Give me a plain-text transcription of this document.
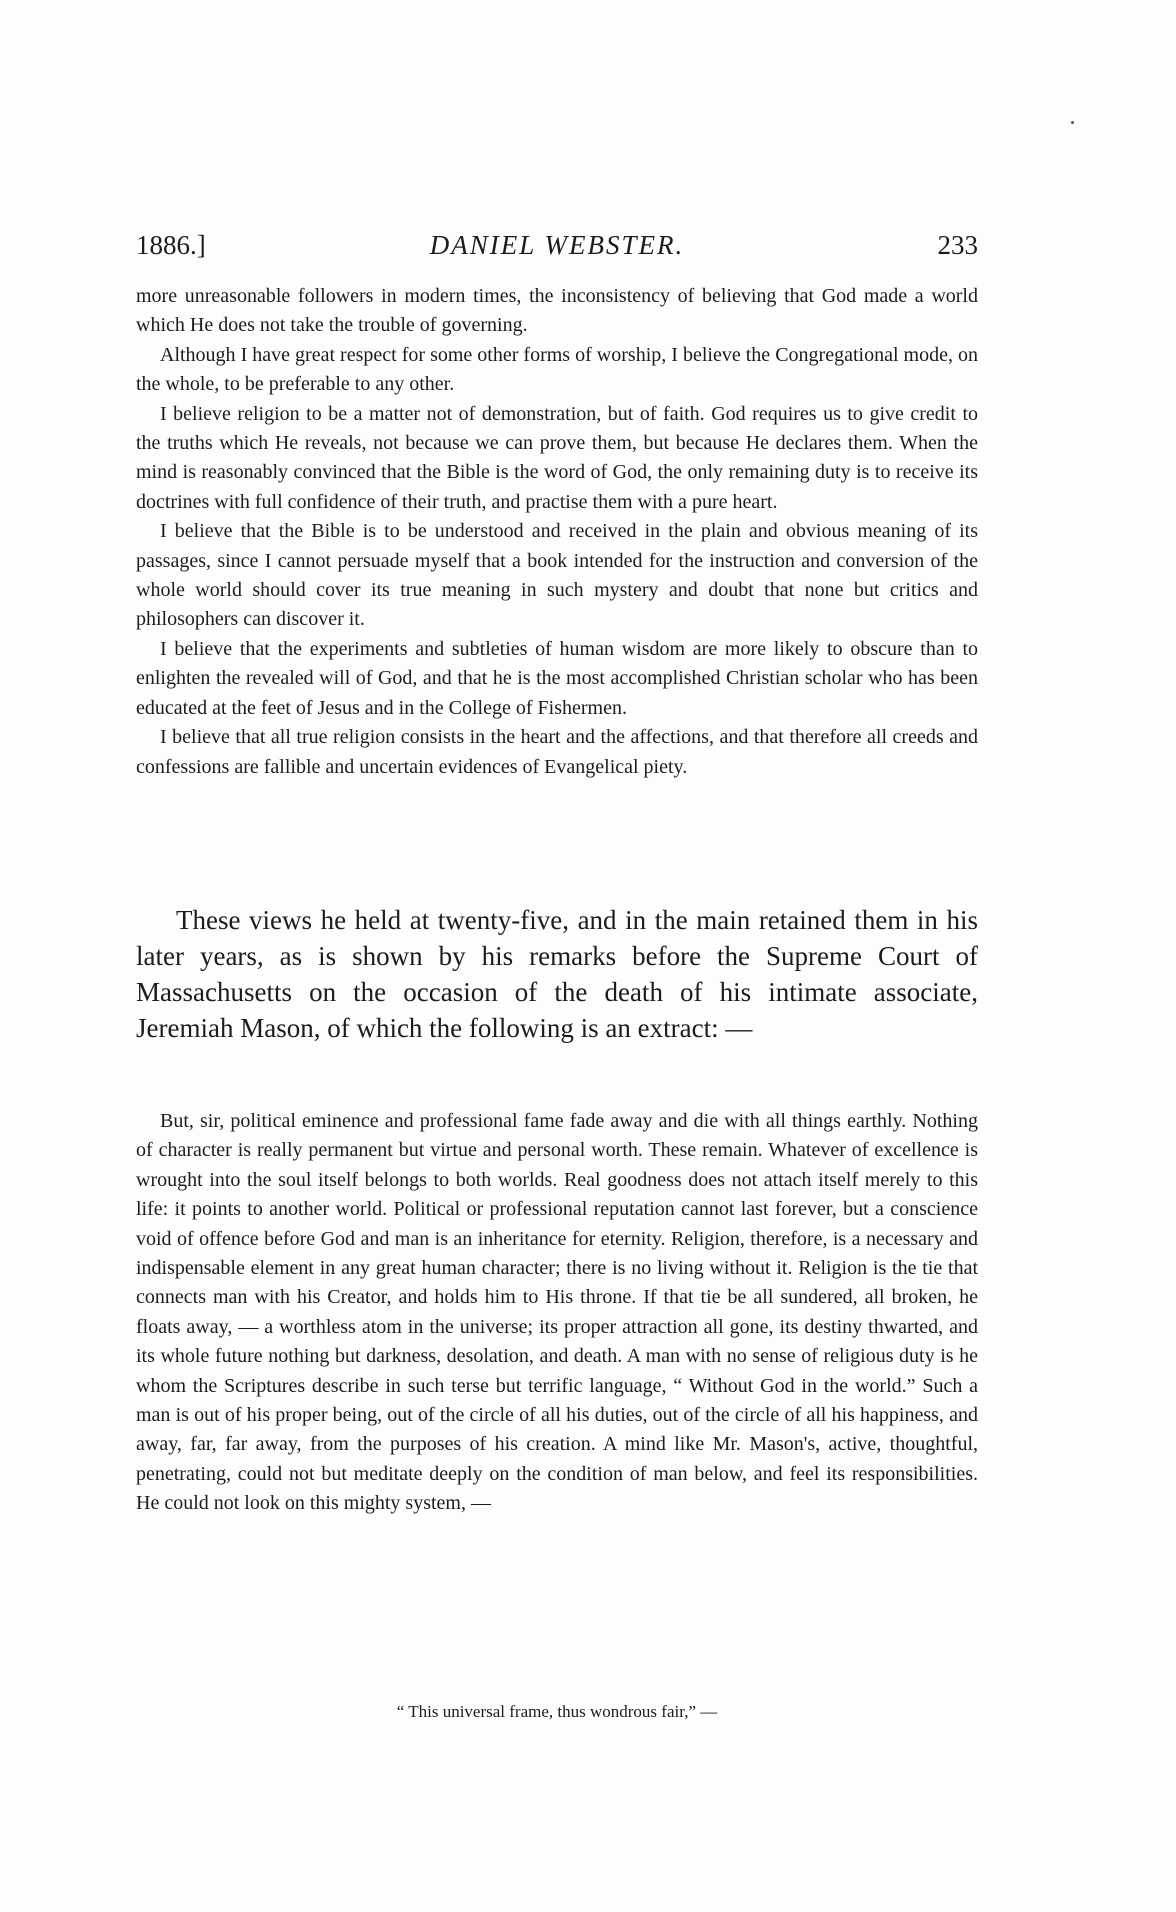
1886.]	DANIEL WEBSTER.	233

more unreasonable followers in modern times, the inconsistency of believing that God made a world which He does not take the trouble of governing.

Although I have great respect for some other forms of worship, I believe the Congregational mode, on the whole, to be preferable to any other.

I believe religion to be a matter not of demonstration, but of faith. God requires us to give credit to the truths which He reveals, not because we can prove them, but because He declares them. When the mind is reasonably convinced that the Bible is the word of God, the only remaining duty is to receive its doctrines with full confidence of their truth, and practise them with a pure heart.

I believe that the Bible is to be understood and received in the plain and obvious meaning of its passages, since I cannot persuade myself that a book intended for the instruction and conversion of the whole world should cover its true meaning in such mystery and doubt that none but critics and philosophers can discover it.

I believe that the experiments and subtleties of human wisdom are more likely to obscure than to enlighten the revealed will of God, and that he is the most accomplished Christian scholar who has been educated at the feet of Jesus and in the College of Fishermen.

I believe that all true religion consists in the heart and the affections, and that therefore all creeds and confessions are fallible and uncertain evidences of Evangelical piety.

These views he held at twenty-five, and in the main retained them in his later years, as is shown by his remarks before the Supreme Court of Massachusetts on the occasion of the death of his intimate associate, Jeremiah Mason, of which the following is an extract: —

But, sir, political eminence and professional fame fade away and die with all things earthly. Nothing of character is really permanent but virtue and personal worth. These remain. Whatever of excellence is wrought into the soul itself belongs to both worlds. Real goodness does not attach itself merely to this life: it points to another world. Political or professional reputation cannot last forever, but a conscience void of offence before God and man is an inheritance for eternity. Religion, therefore, is a necessary and indispensable element in any great human character; there is no living without it. Religion is the tie that connects man with his Creator, and holds him to His throne. If that tie be all sundered, all broken, he floats away, — a worthless atom in the universe; its proper attraction all gone, its destiny thwarted, and its whole future nothing but darkness, desolation, and death. A man with no sense of religious duty is he whom the Scriptures describe in such terse but terrific language, “ Without God in the world.” Such a man is out of his proper being, out of the circle of all his duties, out of the circle of all his happiness, and away, far, far away, from the purposes of his creation. A mind like Mr. Mason's, active, thoughtful, penetrating, could not but meditate deeply on the condition of man below, and feel its responsibilities. He could not look on this mighty system, —

“ This universal frame, thus wondrous fair,” —
